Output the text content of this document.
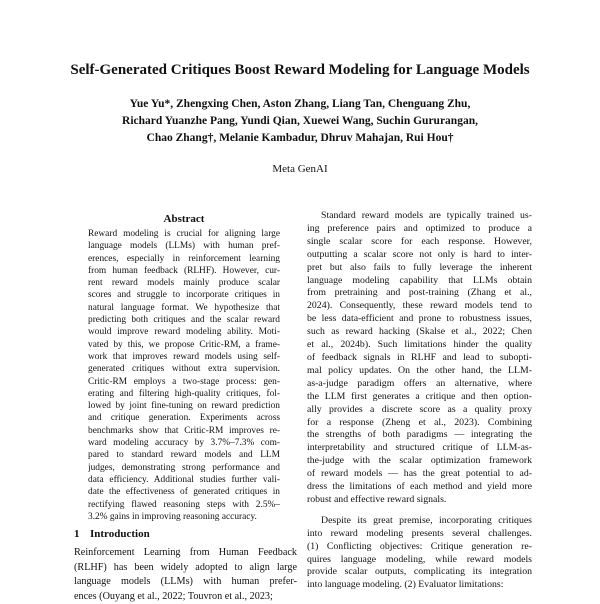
Self-Generated Critiques Boost Reward Modeling for Language Models
Yue Yu*, Zhengxing Chen, Aston Zhang, Liang Tan, Chenguang Zhu,
Richard Yuanzhe Pang, Yundi Qian, Xuewei Wang, Suchin Gururangan,
Chao Zhang†, Melanie Kambadur, Dhruv Mahajan, Rui Hou†
Meta GenAI
Abstract
Reward modeling is crucial for aligning large
language models (LLMs) with human pref-
erences, especially in reinforcement learning
from human feedback (RLHF). However, cur-
rent reward models mainly produce scalar
scores and struggle to incorporate critiques in
natural language format. We hypothesize that
predicting both critiques and the scalar reward
would improve reward modeling ability. Moti-
vated by this, we propose Critic-RM, a frame-
work that improves reward models using self-
generated critiques without extra supervision.
Critic-RM employs a two-stage process: gen-
erating and filtering high-quality critiques, fol-
lowed by joint fine-tuning on reward prediction
and critique generation. Experiments across
benchmarks show that Critic-RM improves re-
ward modeling accuracy by 3.7%–7.3% com-
pared to standard reward models and LLM
judges, demonstrating strong performance and
data efficiency. Additional studies further vali-
date the effectiveness of generated critiques in
rectifying flawed reasoning steps with 2.5%–
3.2% gains in improving reasoning accuracy.
1 Introduction
Reinforcement Learning from Human Feedback
(RLHF) has been widely adopted to align large
language models (LLMs) with human prefer-
ences (Ouyang et al., 2022; Touvron et al., 2023;
Standard reward models are typically trained us-
ing preference pairs and optimized to produce a
single scalar score for each response. However,
outputting a scalar score not only is hard to inter-
pret but also fails to fully leverage the inherent
language modeling capability that LLMs obtain
from pretraining and post-training (Zhang et al.,
2024). Consequently, these reward models tend to
be less data-efficient and prone to robustness issues,
such as reward hacking (Skalse et al., 2022; Chen
et al., 2024b). Such limitations hinder the quality
of feedback signals in RLHF and lead to subopti-
mal policy updates. On the other hand, the LLM-
as-a-judge paradigm offers an alternative, where
the LLM first generates a critique and then option-
ally provides a discrete score as a quality proxy
for a response (Zheng et al., 2023). Combining
the strengths of both paradigms — integrating the
interpretability and structured critique of LLM-as-
the-judge with the scalar optimization framework
of reward models — has the great potential to ad-
dress the limitations of each method and yield more
robust and effective reward signals.
Despite its great premise, incorporating critiques
into reward modeling presents several challenges.
(1) Conflicting objectives: Critique generation re-
quires language modeling, while reward models
provide scalar outputs, complicating its integration
into language modeling. (2) Evaluator limitations:
